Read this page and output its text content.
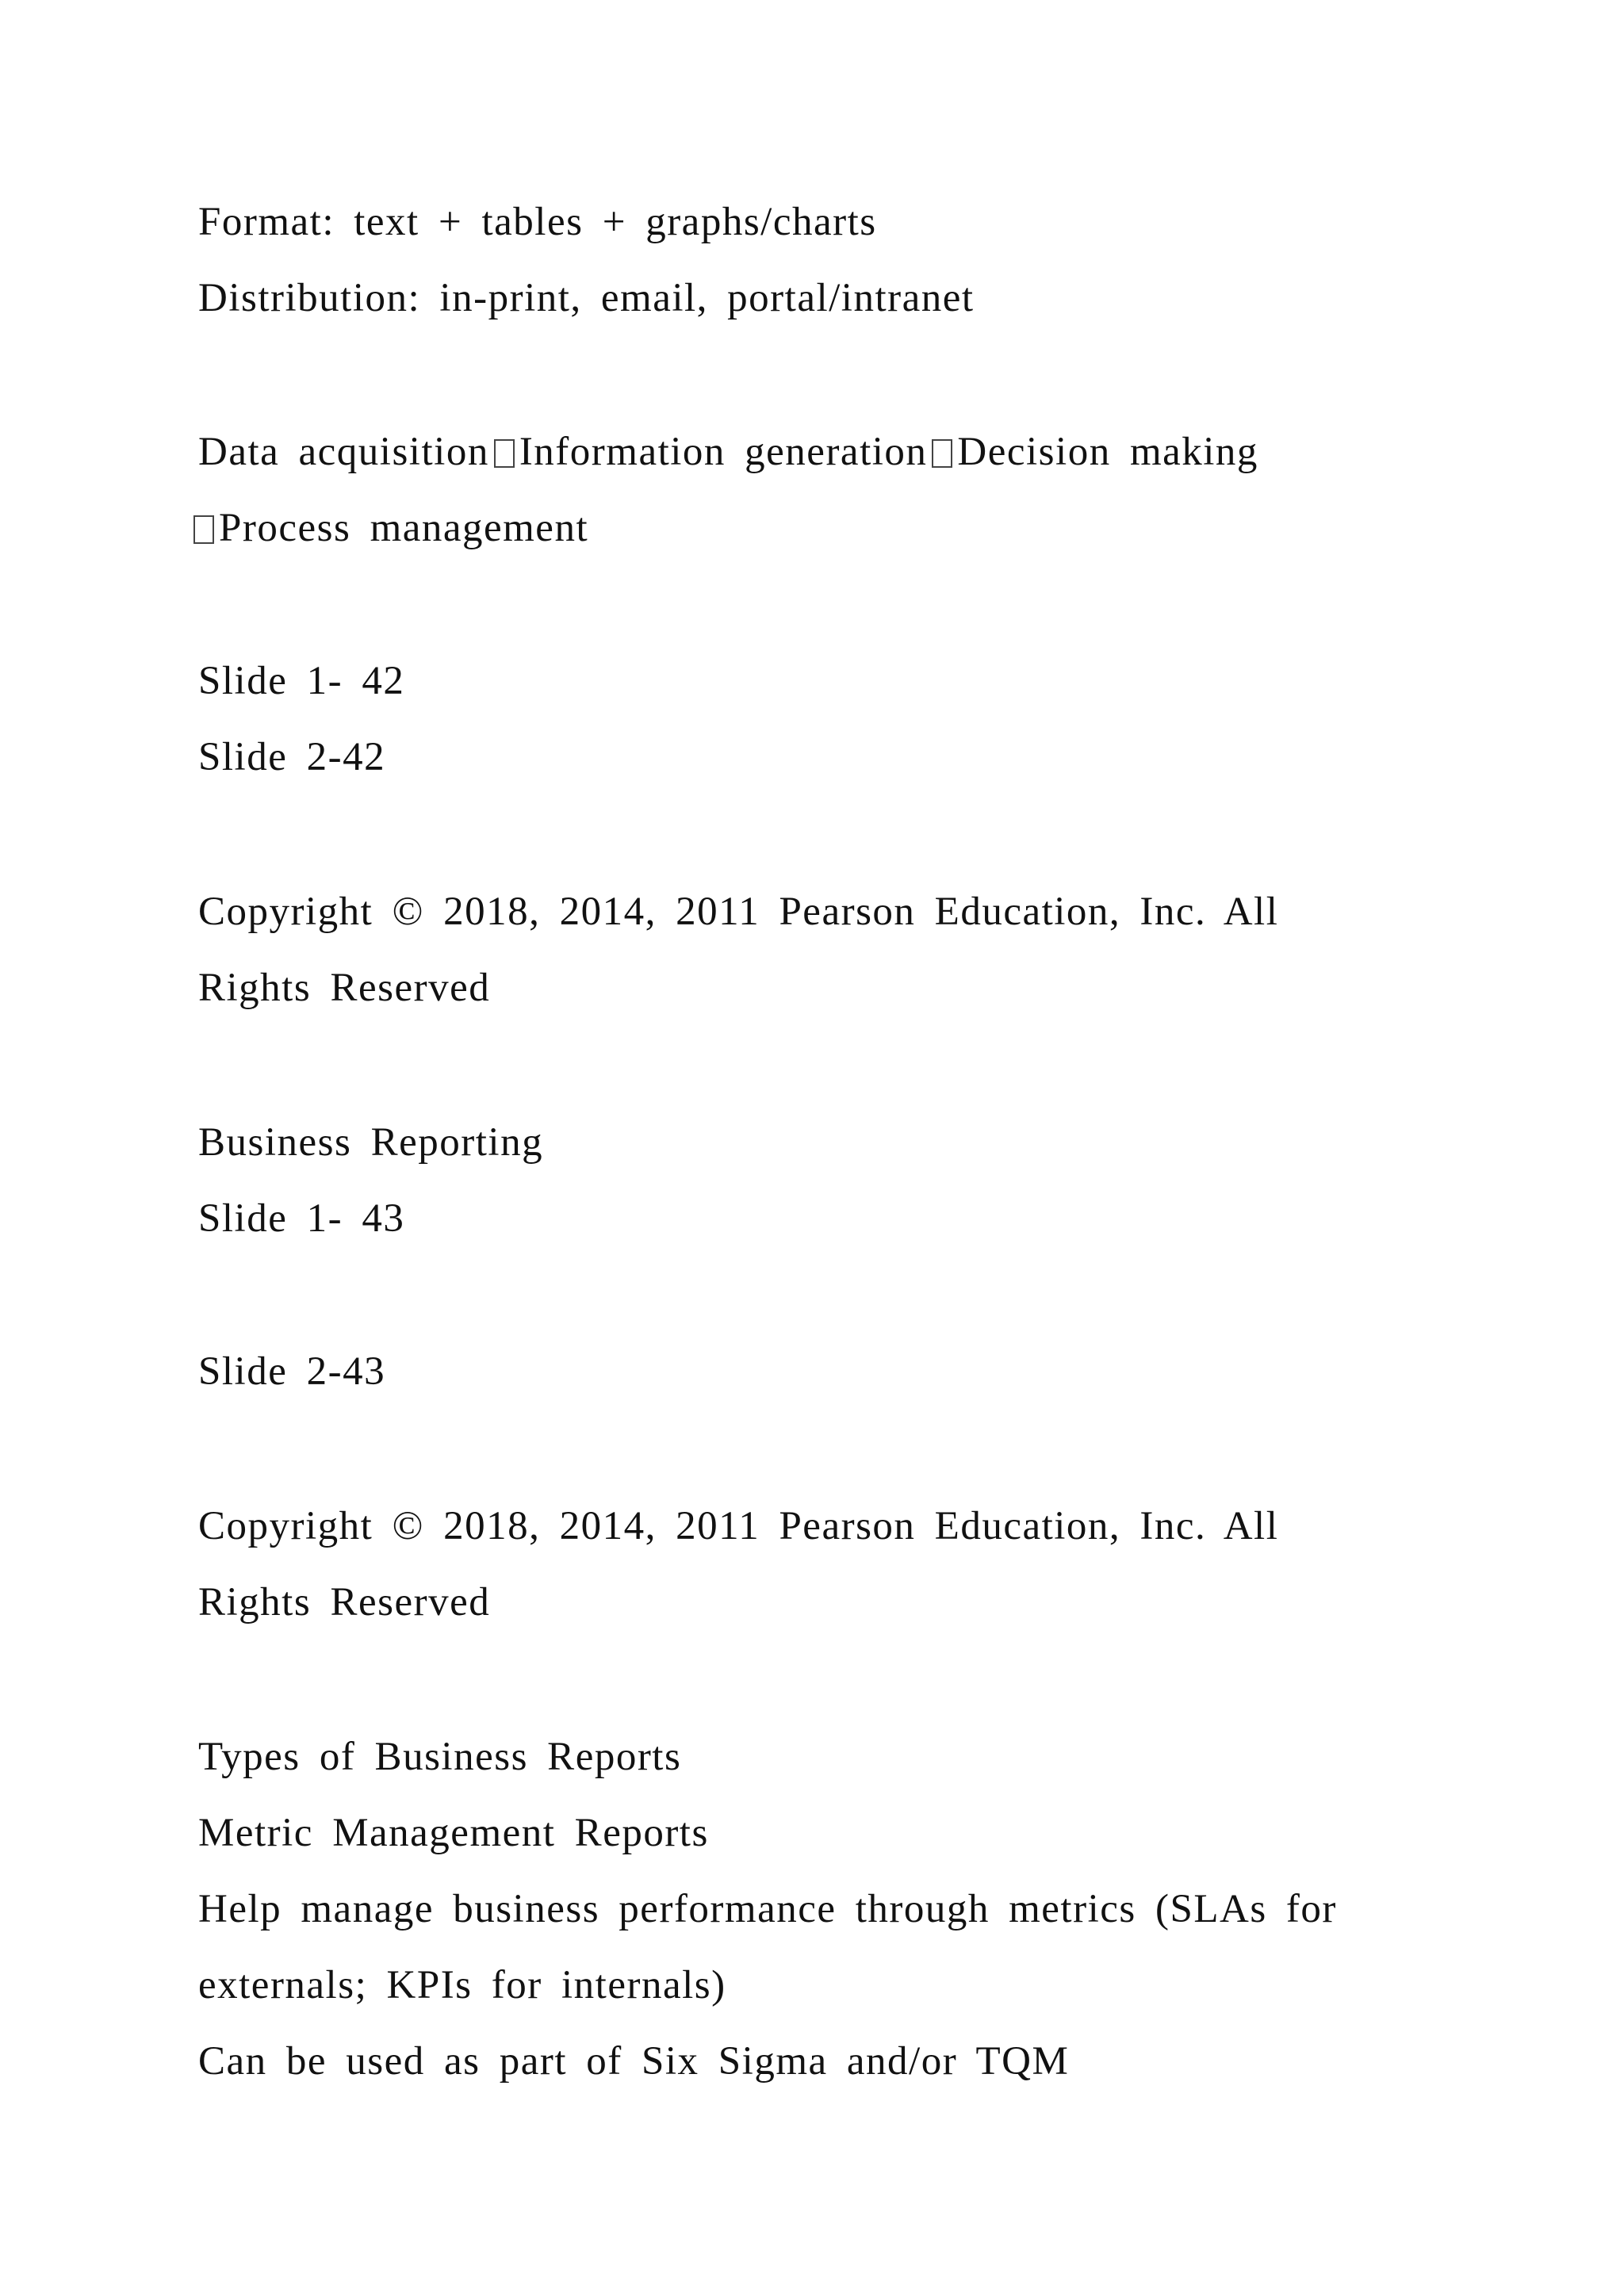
Format: text + tables + graphs/charts
Distribution: in-print, email, portal/intranet
Data acquisition Information generation Decision making
Process management
Slide 1- 42
Slide 2-42
Copyright © 2018, 2014, 2011 Pearson Education, Inc. All
Rights Reserved
Business Reporting
Slide 1- 43
Slide 2-43
Copyright © 2018, 2014, 2011 Pearson Education, Inc. All
Rights Reserved
Types of Business Reports
Metric Management Reports
Help manage business performance through metrics (SLAs for
externals; KPIs for internals)
Can be used as part of Six Sigma and/or TQM
